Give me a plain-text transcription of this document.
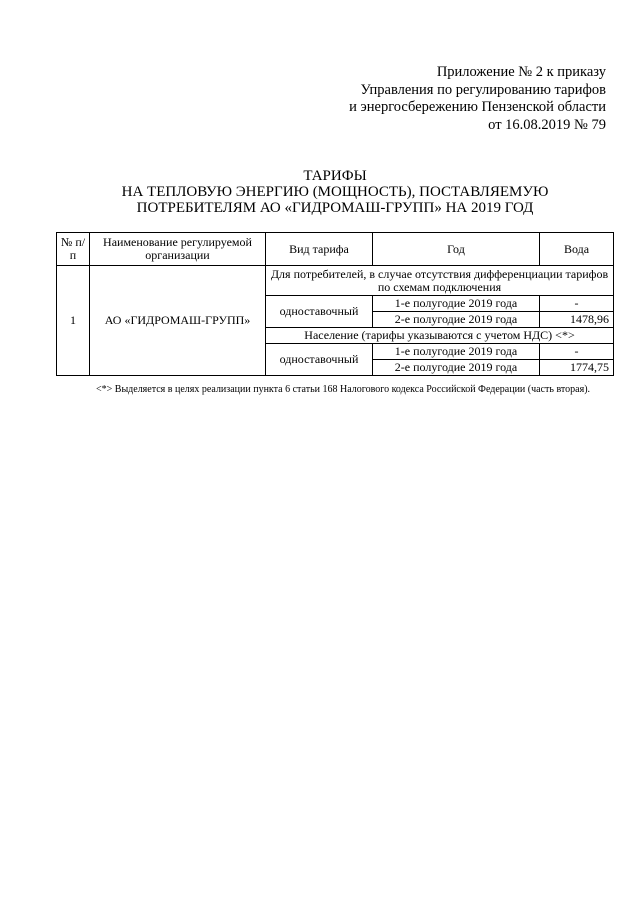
Приложение № 2 к приказу
Управления по регулированию тарифов
и энергосбережению Пензенской области
от 16.08.2019 № 79
ТАРИФЫ
НА ТЕПЛОВУЮ ЭНЕРГИЮ (МОЩНОСТЬ), ПОСТАВЛЯЕМУЮ
ПОТРЕБИТЕЛЯМ АО «ГИДРОМАШ-ГРУПП» НА 2019 ГОД
№ п/п	Наименование регулируемой организации	Вид тарифа	Год	Вода
1	АО «ГИДРОМАШ-ГРУПП»	Для потребителей, в случае отсутствия дифференциации тарифов по схемам подключения		
		одноставочный	1-е полугодие 2019 года	-
			2-е полугодие 2019 года	1478,96
		Население (тарифы указываются с учетом НДС) <*>		
		одноставочный	1-е полугодие 2019 года	-
			2-е полугодие 2019 года	1774,75
<*> Выделяется в целях реализации пункта 6 статьи 168 Налогового кодекса Российской Федерации (часть вторая).
